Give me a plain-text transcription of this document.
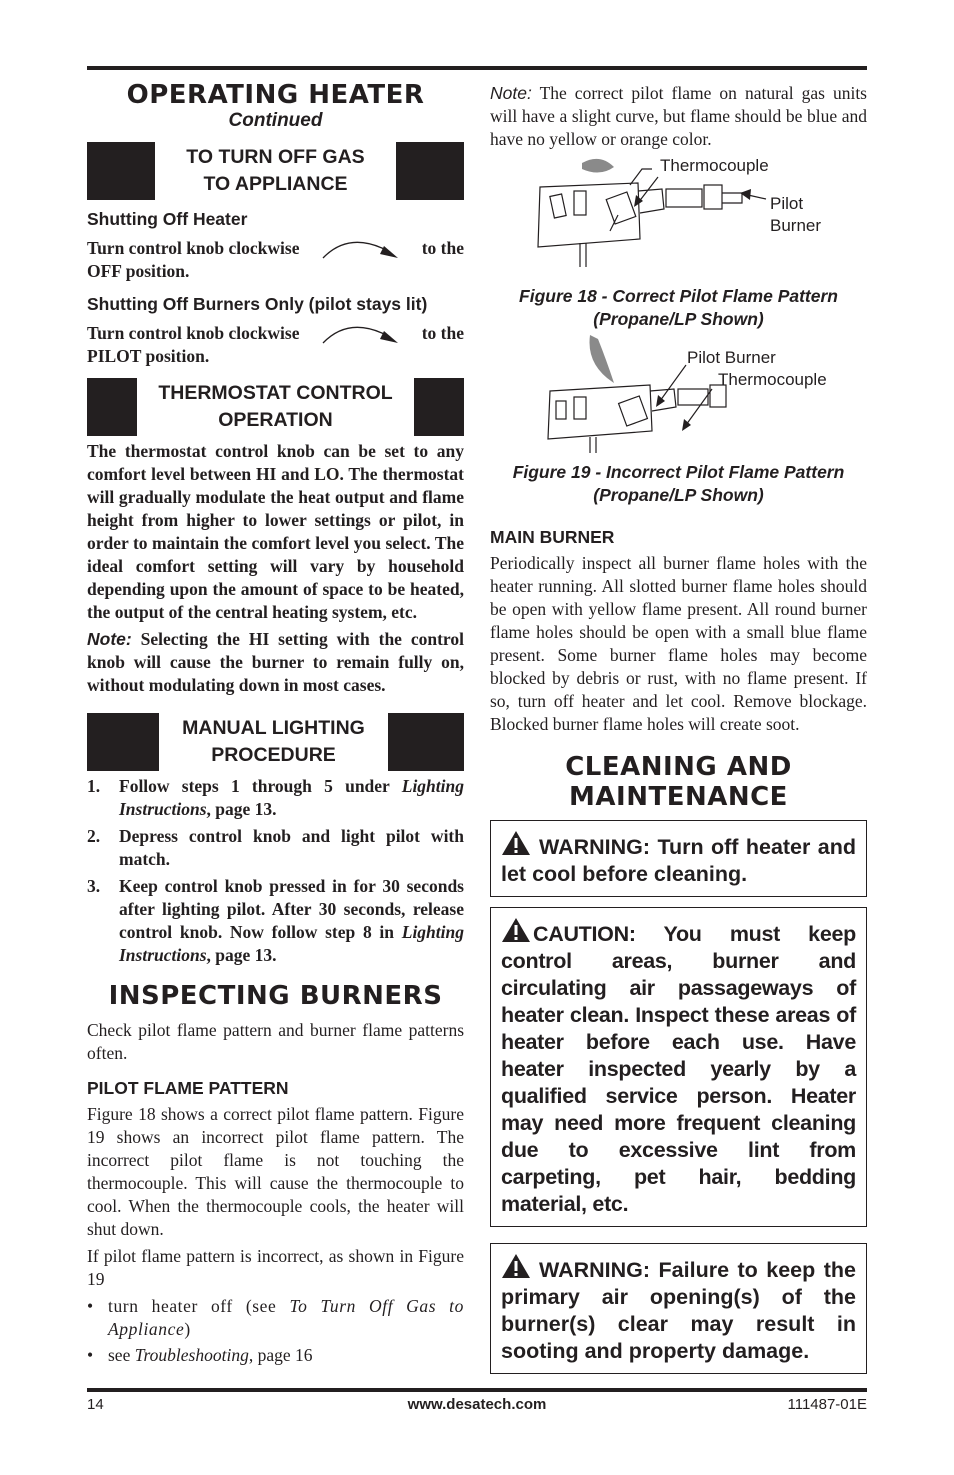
OPERATING HEATER
Continued
TO TURN OFF GAS
TO APPLIANCE
Shutting Off Heater
Turn control knob clockwise	to the
OFF position.
Shutting Off Burners Only (pilot stays lit)
Turn control knob clockwise	to the
PILOT position.
THERMOSTAT CONTROL
OPERATION

The thermostat control knob can be set to any comfort level between HI and LO. The thermostat will gradually modulate the heat output and flame height from higher to lower settings or pilot, in order to maintain the comfort level you select. The ideal comfort setting will vary by household depending upon the amount of space to be heated, the output of the central heating system, etc.

Note: Selecting the HI setting with the control knob will cause the burner to remain fully on, without modulating down in most cases.

MANUAL LIGHTING
PROCEDURE
1.	Follow steps 1 through 5 under Lighting Instructions, page 13.
2.	Depress control knob and light pilot with match.
3.	Keep control knob pressed in for 30 seconds after lighting pilot. After 30 seconds, release control knob. Now follow step 8 in Lighting Instructions, page 13.
INSPECTING BURNERS

Check pilot flame pattern and burner flame patterns often.

PILOT FLAME PATTERN

Figure 18 shows a correct pilot flame pattern. Figure 19 shows an incorrect pilot flame pattern. The incorrect pilot flame is not touching the thermocouple. This will cause the thermocouple to cool. When the thermocouple cools, the heater will shut down.

If pilot flame pattern is incorrect, as shown in Figure 19

• turn heater off (see To Turn Off Gas to Appliance)
• see Troubleshooting, page 16

Note: The correct pilot flame on natural gas units will have a slight curve, but flame should be blue and have no yellow or orange color.

Thermocouple
Pilot
Burner
Figure 18 - Correct Pilot Flame Pattern
(Propane/LP Shown)
Pilot Burner
Thermocouple
Figure 19 - Incorrect Pilot Flame Pattern
(Propane/LP Shown)
MAIN BURNER

Periodically inspect all burner flame holes with the heater running. All slotted burner flame holes should be open with yellow flame present. All round burner flame holes should be open with a small blue flame present. Some burner flame holes may become blocked by debris or rust, with no flame present. If so, turn off heater and let cool. Remove blockage. Blocked burner flame holes will create soot.

CLEANING AND
MAINTENANCE
WARNING: Turn off heater and let cool before cleaning.
CAUTION: You must keep control areas, burner and circulating air passageways of heater clean. Inspect these areas of heater before each use. Have heater inspected yearly by a qualified service person. Heater may need more frequent cleaning due to excessive lint from carpeting, pet hair, bedding material, etc.
WARNING: Failure to keep the primary air opening(s) of the burner(s) clear may result in sooting and property damage.
14	www.desatech.com	111487-01E
